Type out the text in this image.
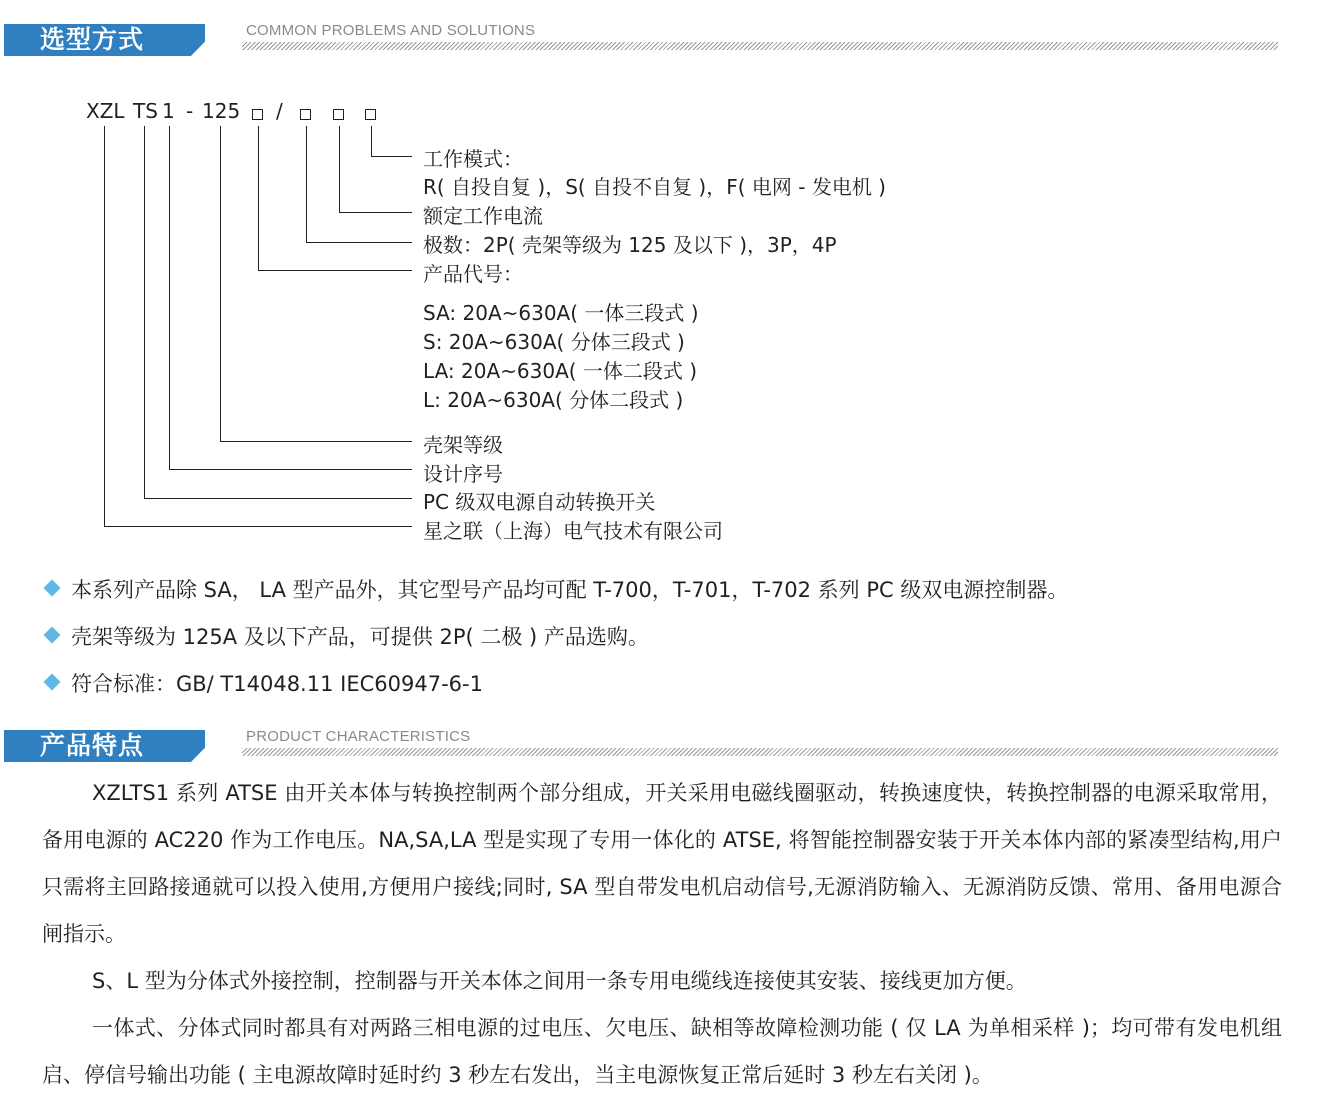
选型方式	COMMON PROBLEMS AND SOLUTIONS
XZL TS 1 - 125 /
工作模式：
R( 自投自复 )，S( 自投不自复 )，F( 电网 - 发电机 )
额定工作电流
极数：2P( 壳架等级为 125 及以下 )，3P，4P
产品代号：
SA: 20A~630A( 一体三段式 )
S: 20A~630A( 分体三段式 )
LA: 20A~630A( 一体二段式 )
L: 20A~630A( 分体二段式 )
壳架等级
设计序号
PC 级双电源自动转换开关
星之联（上海）电气技术有限公司
本系列产品除 SA， LA 型产品外，其它型号产品均可配 T-700，T-701，T-702 系列 PC 级双电源控制器。
壳架等级为 125A 及以下产品，可提供 2P( 二极 ) 产品选购。
符合标准：GB/ T14048.11 IEC60947-6-1
产品特点	PRODUCT CHARACTERISTICS

XZLTS1 系列 ATSE 由开关本体与转换控制两个部分组成，开关采用电磁线圈驱动，转换速度快，转换控制器的电源采取常用，备用电源的 AC220 作为工作电压。NA,SA,LA 型是实现了专用一体化的 ATSE, 将智能控制器安装于开关本体内部的紧凑型结构,用户只需将主回路接通就可以投入使用,方便用户接线;同时, SA 型自带发电机启动信号,无源消防输入、无源消防反馈、常用、备用电源合闸指示。

S、L 型为分体式外接控制，控制器与开关本体之间用一条专用电缆线连接使其安装、接线更加方便。

一体式、分体式同时都具有对两路三相电源的过电压、欠电压、缺相等故障检测功能 ( 仅 LA 为单相采样 )；均可带有发电机组启、停信号输出功能 ( 主电源故障时延时约 3 秒左右发出，当主电源恢复正常后延时 3 秒左右关闭 )。
